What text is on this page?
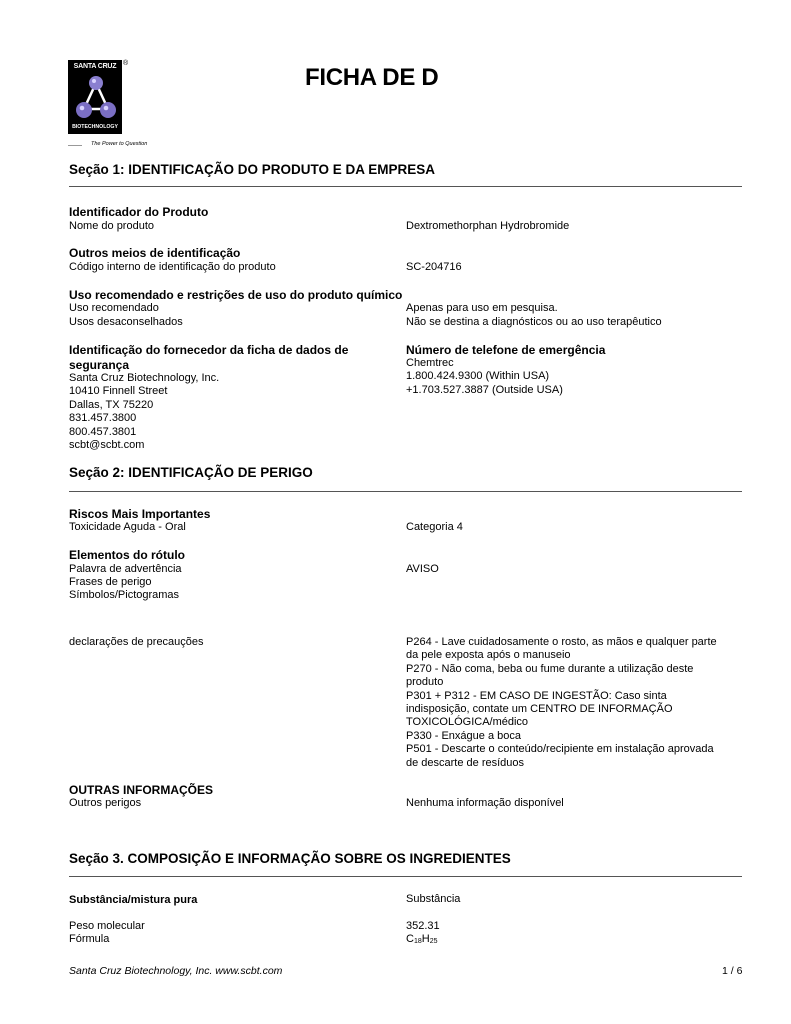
SANTA CRUZ
BIOTECHNOLOGY
®
The Power to Question
FICHA DE D
Seção 1: IDENTIFICAÇÃO DO PRODUTO E DA EMPRESA
Identificador do Produto
Nome do produto	Dextromethorphan Hydrobromide
Outros meios de identificação
Código interno de identificação do produto	SC-204716
Uso recomendado e restrições de uso do produto químico
Uso recomendado	Apenas para uso em pesquisa.
Usos desaconselhados	Não se destina a diagnósticos ou ao uso terapêutico
Identificação do fornecedor da ficha de dados de
segurança
Santa Cruz Biotechnology, Inc.
10410 Finnell Street
Dallas, TX 75220
831.457.3800
800.457.3801
scbt@scbt.com
Número de telefone de emergência
Chemtrec
1.800.424.9300 (Within USA)
+1.703.527.3887 (Outside USA)
Seção 2: IDENTIFICAÇÃO DE PERIGO
Riscos Mais Importantes
Toxicidade Aguda - Oral	Categoria 4
Elementos do rótulo
Palavra de advertência	AVISO
Frases de perigo
Símbolos/Pictogramas
declarações de precauções	P264 - Lave cuidadosamente o rosto, as mãos e qualquer parte
da pele exposta após o manuseio
P270 - Não coma, beba ou fume durante a utilização deste
produto
P301 + P312 - EM CASO DE INGESTÃO: Caso sinta
indisposição, contate um CENTRO DE INFORMAÇÃO
TOXICOLÓGICA/médico
P330 - Enxágue a boca
P501 - Descarte o conteúdo/recipiente em instalação aprovada
de descarte de resíduos
OUTRAS INFORMAÇÕES
Outros perigos	Nenhuma informação disponível
Seção 3. COMPOSIÇÃO E INFORMAÇÃO SOBRE OS INGREDIENTES
Substância/mistura pura	Substância
Peso molecular	352.31
Fórmula	$C_{18}H_{25}$
Santa Cruz Biotechnology, Inc. www.scbt.com	1 / 6
